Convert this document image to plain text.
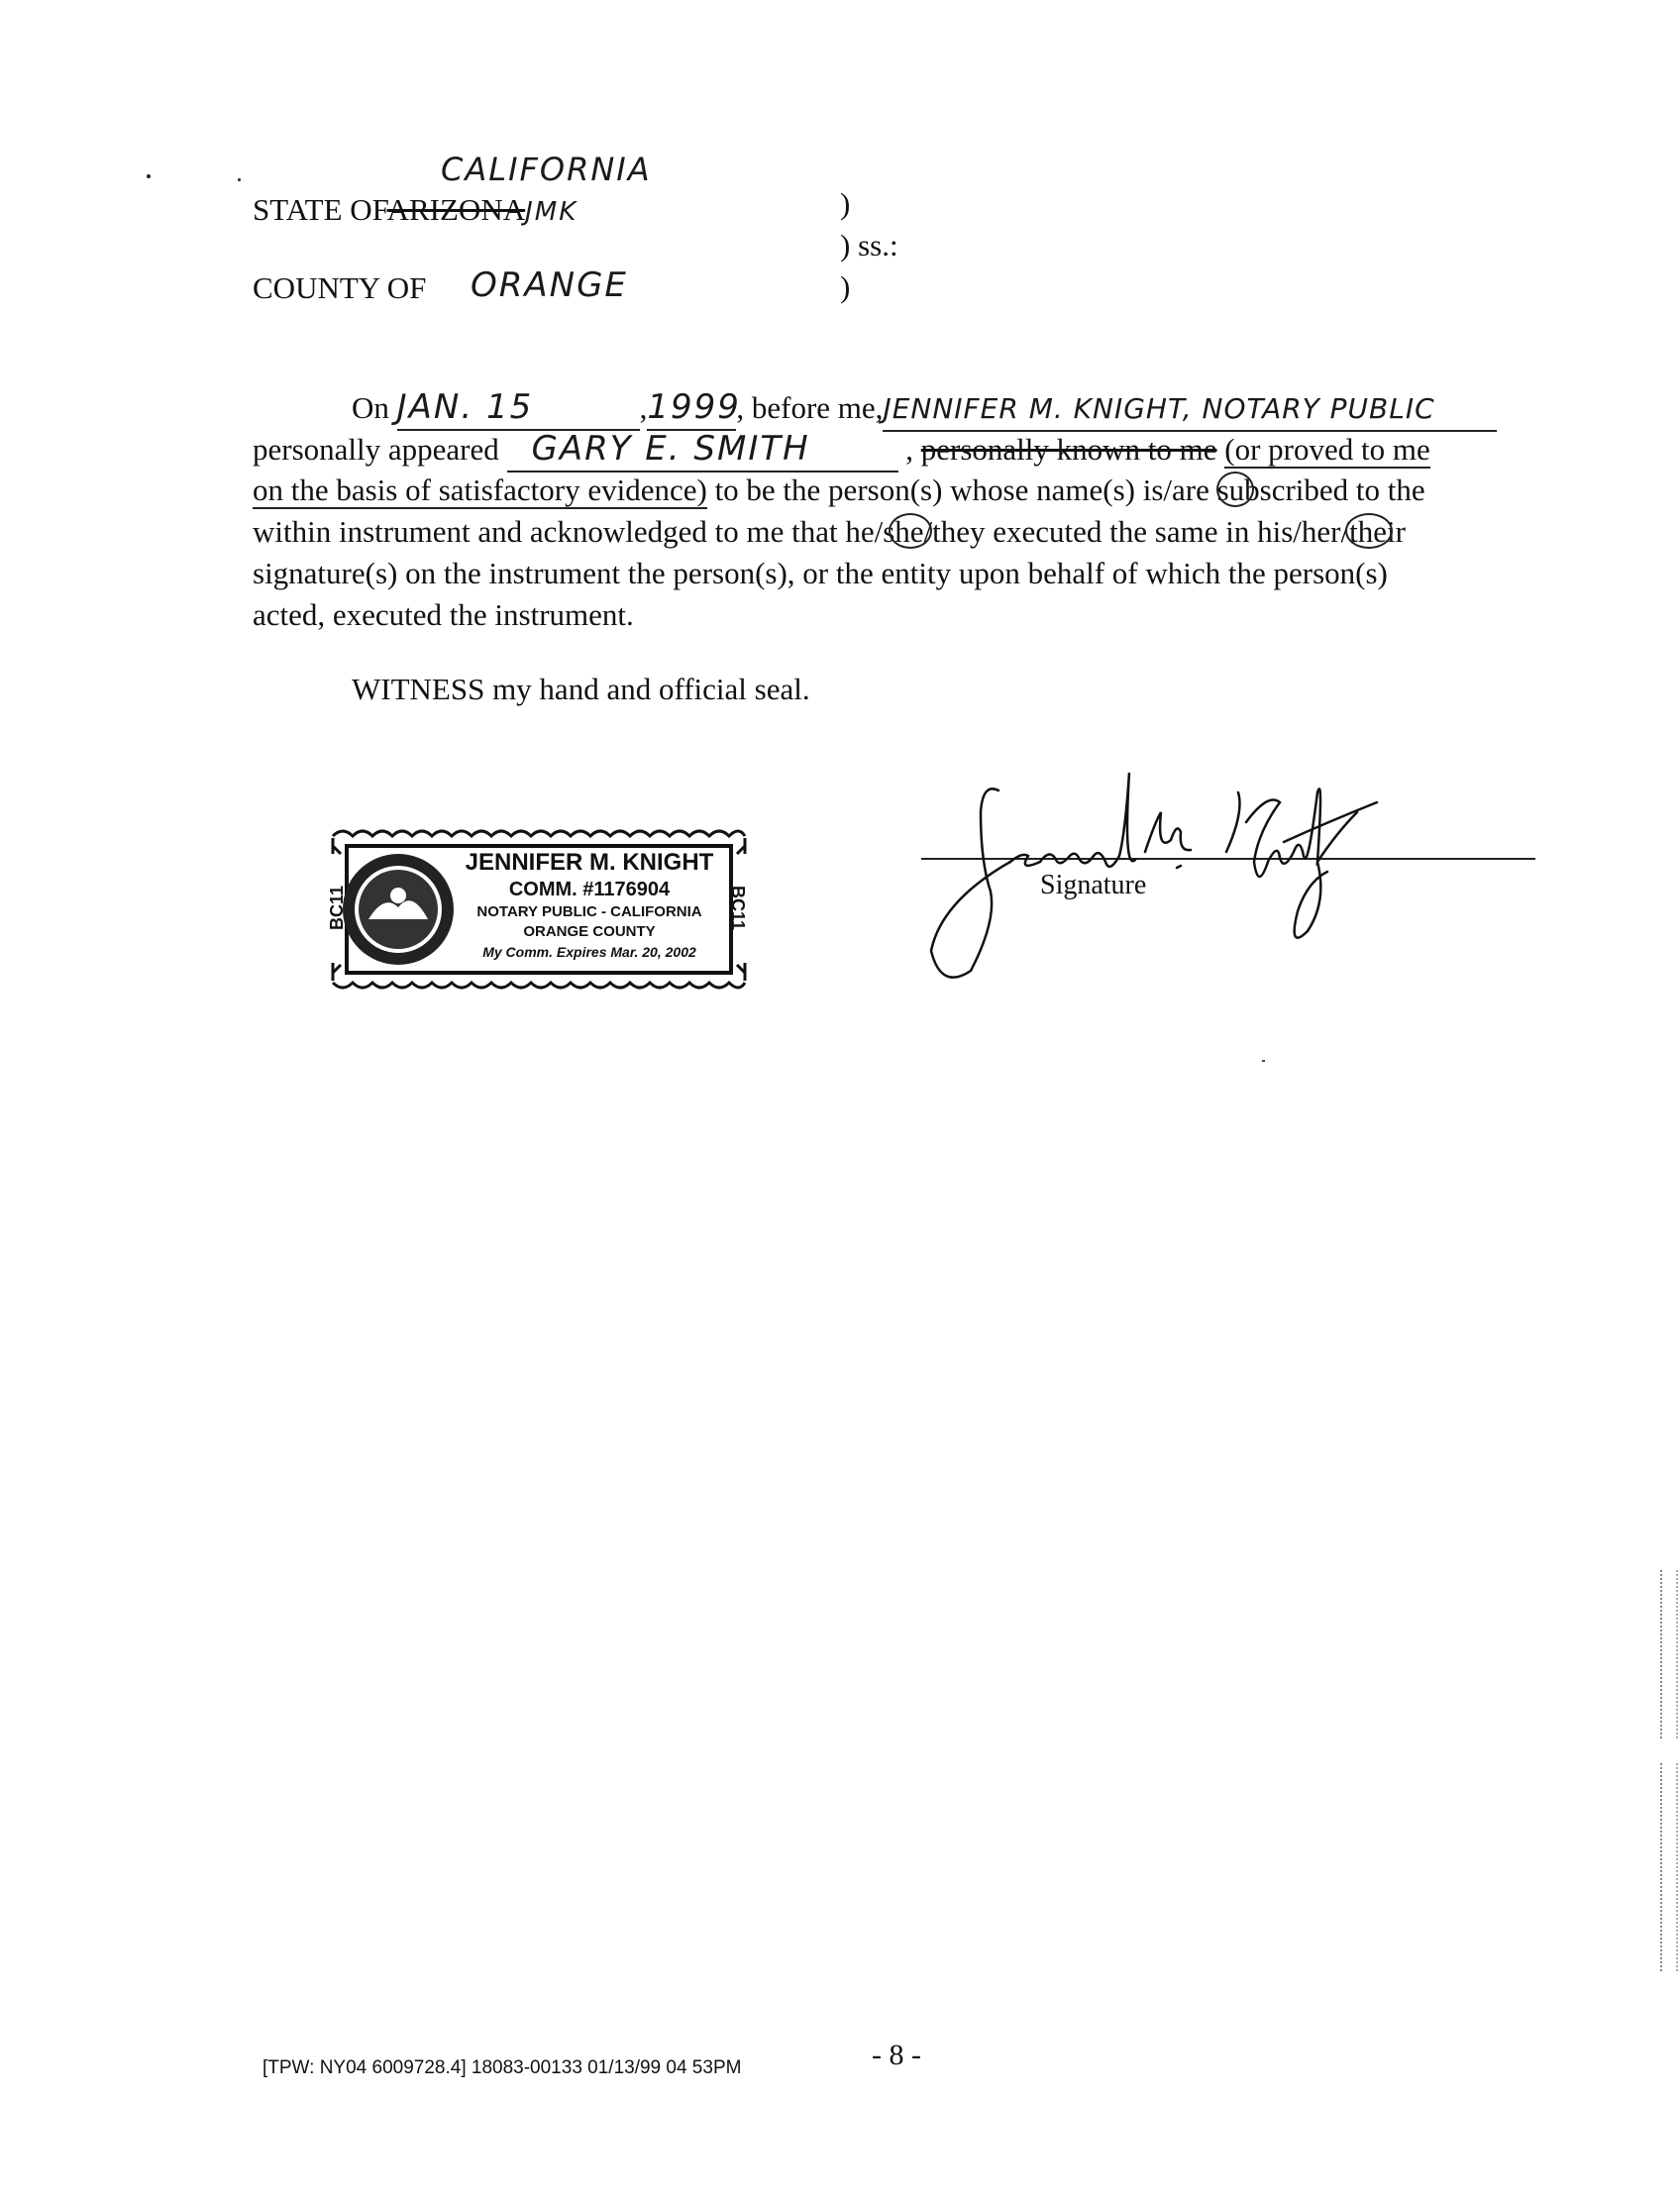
STATE OFARIZONAJMK
CALIFORNIA
COUNTY OF ORANGE
)
) ss.:
)
On JAN. 15	,1999, before me,JENNIFER M. KNIGHT, NOTARY PUBLIC
personally appeared GARY E. SMITH	, personally known to me (or proved to me
on the basis of satisfactory evidence) to be the person(s) whose name(s) is/are subscribed to the
within instrument and acknowledged to me that he/she/they executed the same in his/her/their
signature(s) on the instrument the person(s), or the entity upon behalf of which the person(s)
acted, executed the instrument.
WITNESS my hand and official seal.
JENNIFER M. KNIGHT
COMM. #1176904
NOTARY PUBLIC - CALIFORNIA
ORANGE COUNTY
My Comm. Expires Mar. 20, 2002
BC11	BC11
Signature
Jennifer M. Knight
[TPW: NY04 6009728.4] 18083-00133 01/13/99 04 53PM	- 8 -
